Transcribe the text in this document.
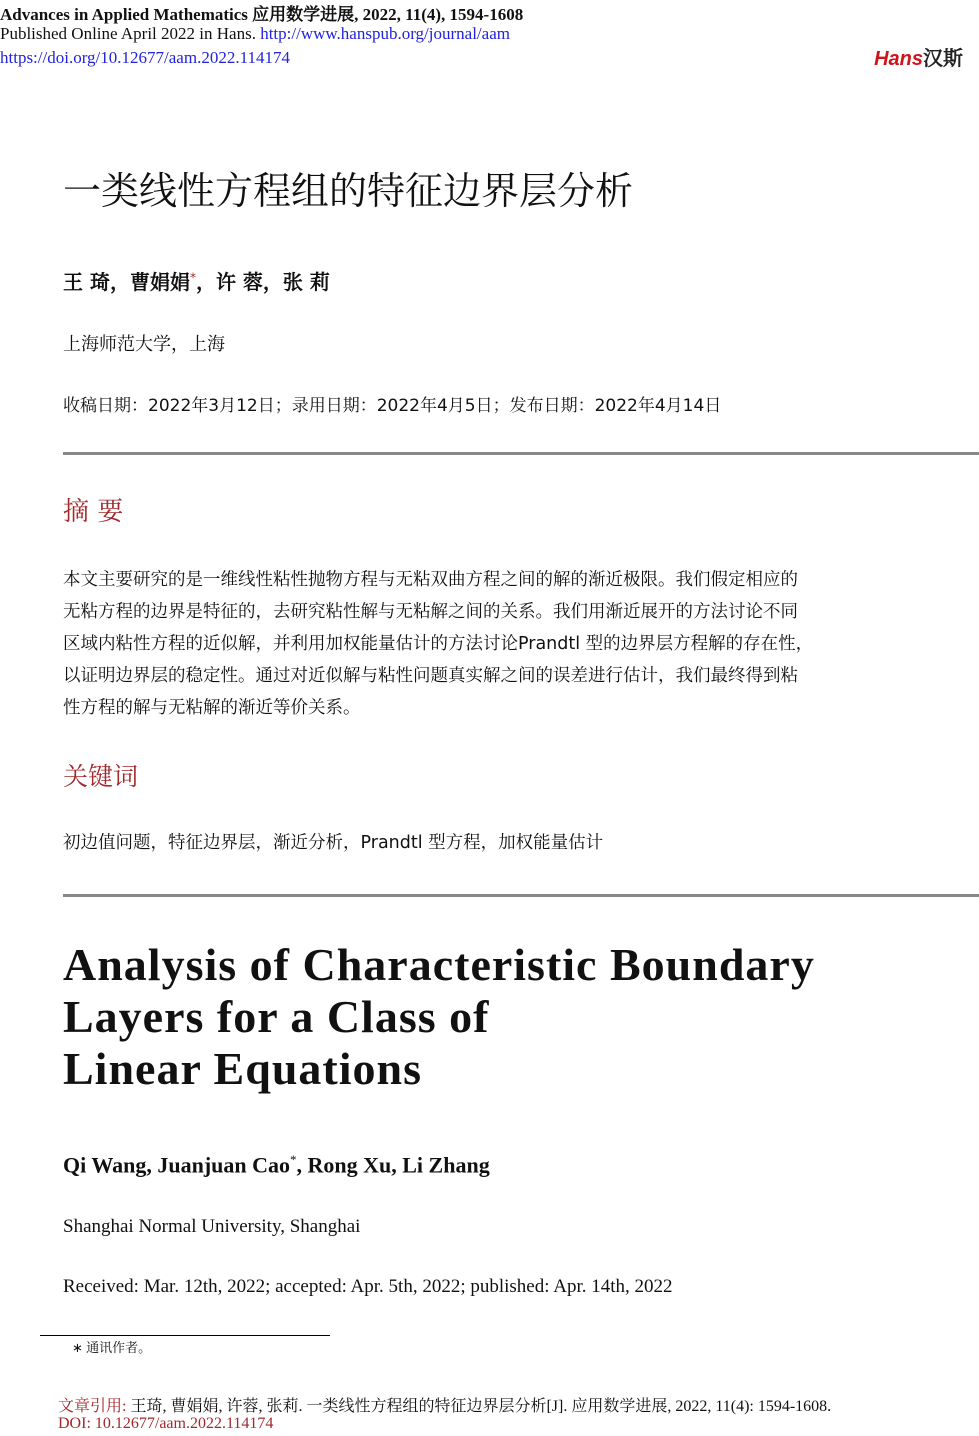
Advances in Applied Mathematics 应用数学进展, 2022, 11(4), 1594-1608
Published Online April 2022 in Hans. http://www.hanspub.org/journal/aam
https://doi.org/10.12677/aam.2022.114174	Hans汉斯
一类线性方程组的特征边界层分析
王 琦，曹娟娟*，许 蓉，张 莉
上海师范大学，上海
收稿日期：2022年3月12日；录用日期：2022年4月5日；发布日期：2022年4月14日
摘 要
本文主要研究的是一维线性粘性抛物方程与无粘双曲方程之间的解的渐近极限。我们假定相应的
无粘方程的边界是特征的，去研究粘性解与无粘解之间的关系。我们用渐近展开的方法讨论不同
区域内粘性方程的近似解，并利用加权能量估计的方法讨论Prandtl 型的边界层方程解的存在性，
以证明边界层的稳定性。通过对近似解与粘性问题真实解之间的误差进行估计，我们最终得到粘
性方程的解与无粘解的渐近等价关系。
关键词
初边值问题，特征边界层，渐近分析，Prandtl 型方程，加权能量估计
Analysis of Characteristic Boundary
Layers for a Class of
Linear Equations
Qi Wang, Juanjuan Cao*, Rong Xu, Li Zhang
Shanghai Normal University, Shanghai
Received: Mar. 12th, 2022; accepted: Apr. 5th, 2022; published: Apr. 14th, 2022
∗ 通讯作者。
文章引用: 王琦, 曹娟娟, 许蓉, 张莉. 一类线性方程组的特征边界层分析[J]. 应用数学进展, 2022, 11(4): 1594-1608.
DOI: 10.12677/aam.2022.114174
